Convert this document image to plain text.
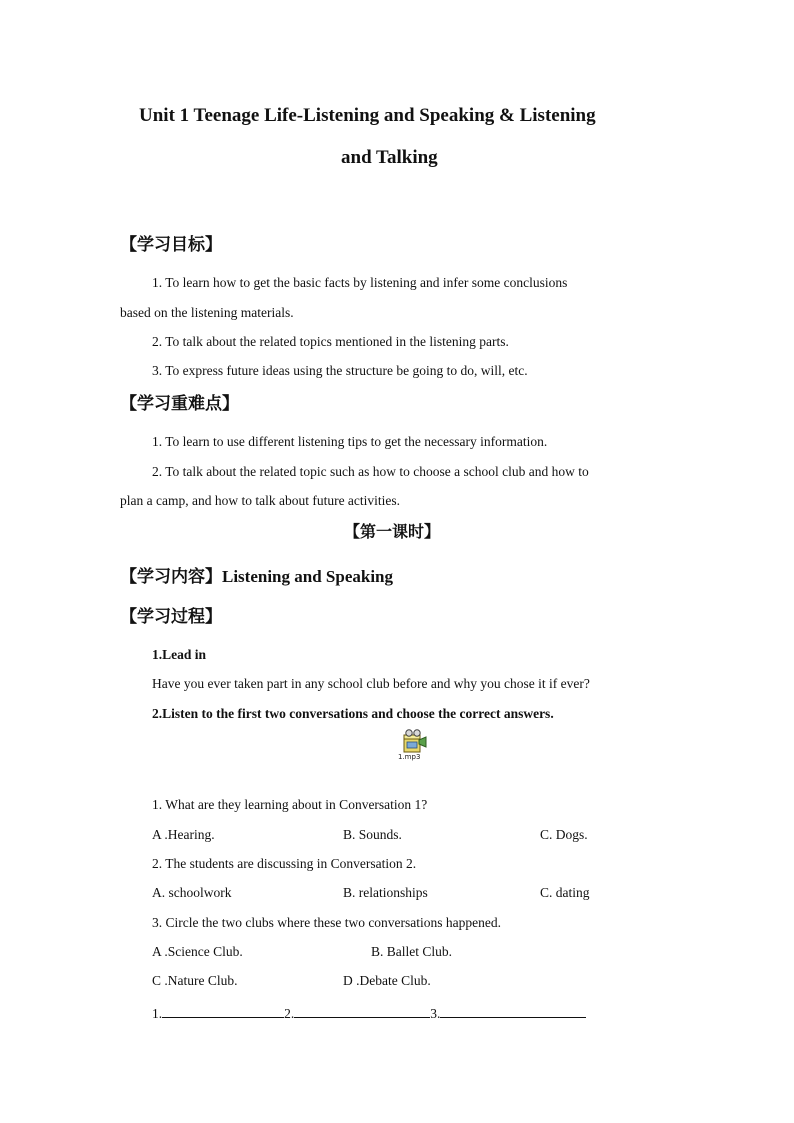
Unit 1 Teenage Life-Listening and Speaking & Listening
and Talking
【学习目标】
1. To learn how to get the basic facts by listening and infer some conclusions
based on the listening materials.
2. To talk about the related topics mentioned in the listening parts.
3. To express future ideas using the structure be going to do, will, etc.
【学习重难点】
1. To learn to use different listening tips to get the necessary information.
2. To talk about the related topic such as how to choose a school club and how to
plan a camp, and how to talk about future activities.
【第一课时】
【学习内容】Listening and Speaking
【学习过程】
1.Lead in
Have you ever taken part in any school club before and why you chose it if ever?
2.Listen to the first two conversations and choose the correct answers.
1.mp3
1. What are they learning about in Conversation 1?
A .Hearing.	B. Sounds.	C. Dogs.
2. The students are discussing in Conversation 2.
A. schoolwork	B. relationships	C. dating
3. Circle the two clubs where these two conversations happened.
A .Science Club.	B. Ballet Club.
C .Nature Club.	D .Debate Club.
1.	2.	3.
